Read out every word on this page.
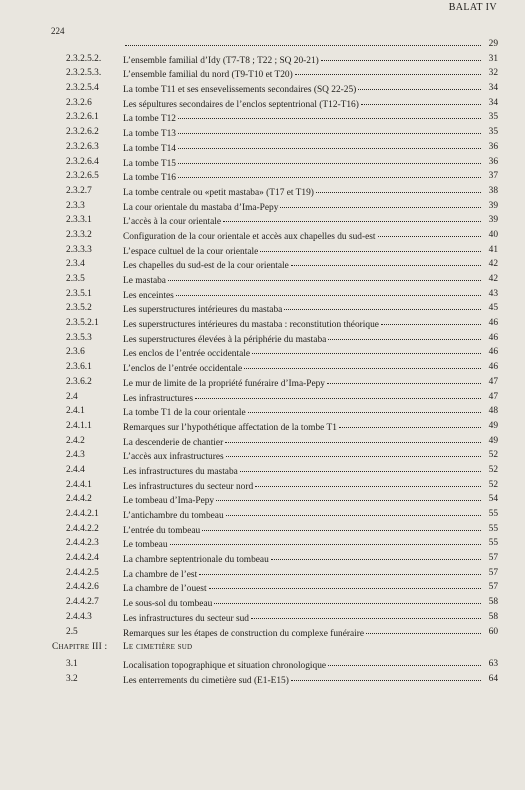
BALAT IV
224
29
2.3.2.5.2. L’ensemble familial d’Idy (T7-T8 ; T22 ; SQ 20-21)	31
2.3.2.5.3. L’ensemble familial du nord (T9-T10 et T20)	32
2.3.2.5.4	La tombe T11 et ses ensevelissements secondaires (SQ 22-25)	34
2.3.2.6	Les sépultures secondaires de l’enclos septentrional (T12-T16)	34
2.3.2.6.1	La tombe T12	35
2.3.2.6.2	La tombe T13	35
2.3.2.6.3	La tombe T14	36
2.3.2.6.4	La tombe T15	36
2.3.2.6.5	La tombe T16	37
2.3.2.7	La tombe centrale ou «petit mastaba» (T17 et T19)	38
2.3.3	La cour orientale du mastaba d’Ima-Pepy	39
2.3.3.1	L’accès à la cour orientale	39
2.3.3.2	Configuration de la cour orientale et accès aux chapelles du sud-est	40
2.3.3.3	L’espace cultuel de la cour orientale	41
2.3.4	Les chapelles du sud-est de la cour orientale	42
2.3.5	Le mastaba	42
2.3.5.1	Les enceintes	43
2.3.5.2	Les superstructures intérieures du mastaba	45
2.3.5.2.1	Les superstructures intérieures du mastaba : reconstitution théorique	46
2.3.5.3	Les superstructures élevées à la périphérie du mastaba	46
2.3.6	Les enclos de l’entrée occidentale	46
2.3.6.1	L’enclos de l’entrée occidentale	46
2.3.6.2	Le mur de limite de la propriété funéraire d’Ima-Pepy	47
2.4	Les infrastructures	47
2.4.1	La tombe T1 de la cour orientale	48
2.4.1.1	Remarques sur l’hypothétique affectation de la tombe T1	49
2.4.2	La descenderie de chantier	49
2.4.3	L’accès aux infrastructures	52
2.4.4	Les infrastructures du mastaba	52
2.4.4.1	Les infrastructures du secteur nord	52
2.4.4.2	Le tombeau d’Ima-Pepy	54
2.4.4.2.1	L’antichambre du tombeau	55
2.4.4.2.2	L’entrée du tombeau	55
2.4.4.2.3	Le tombeau	55
2.4.4.2.4	La chambre septentrionale du tombeau	57
2.4.4.2.5	La chambre de l’est	57
2.4.4.2.6	La chambre de l’ouest	57
2.4.4.2.7	Le sous-sol du tombeau	58
2.4.4.3	Les infrastructures du secteur sud	58
2.5	Remarques sur les étapes de construction du complexe funéraire	60
Chapitre III : Le cimetière sud
3.1	Localisation topographique et situation chronologique	63
3.2	Les enterrements du cimetière sud (E1-E15)	64
